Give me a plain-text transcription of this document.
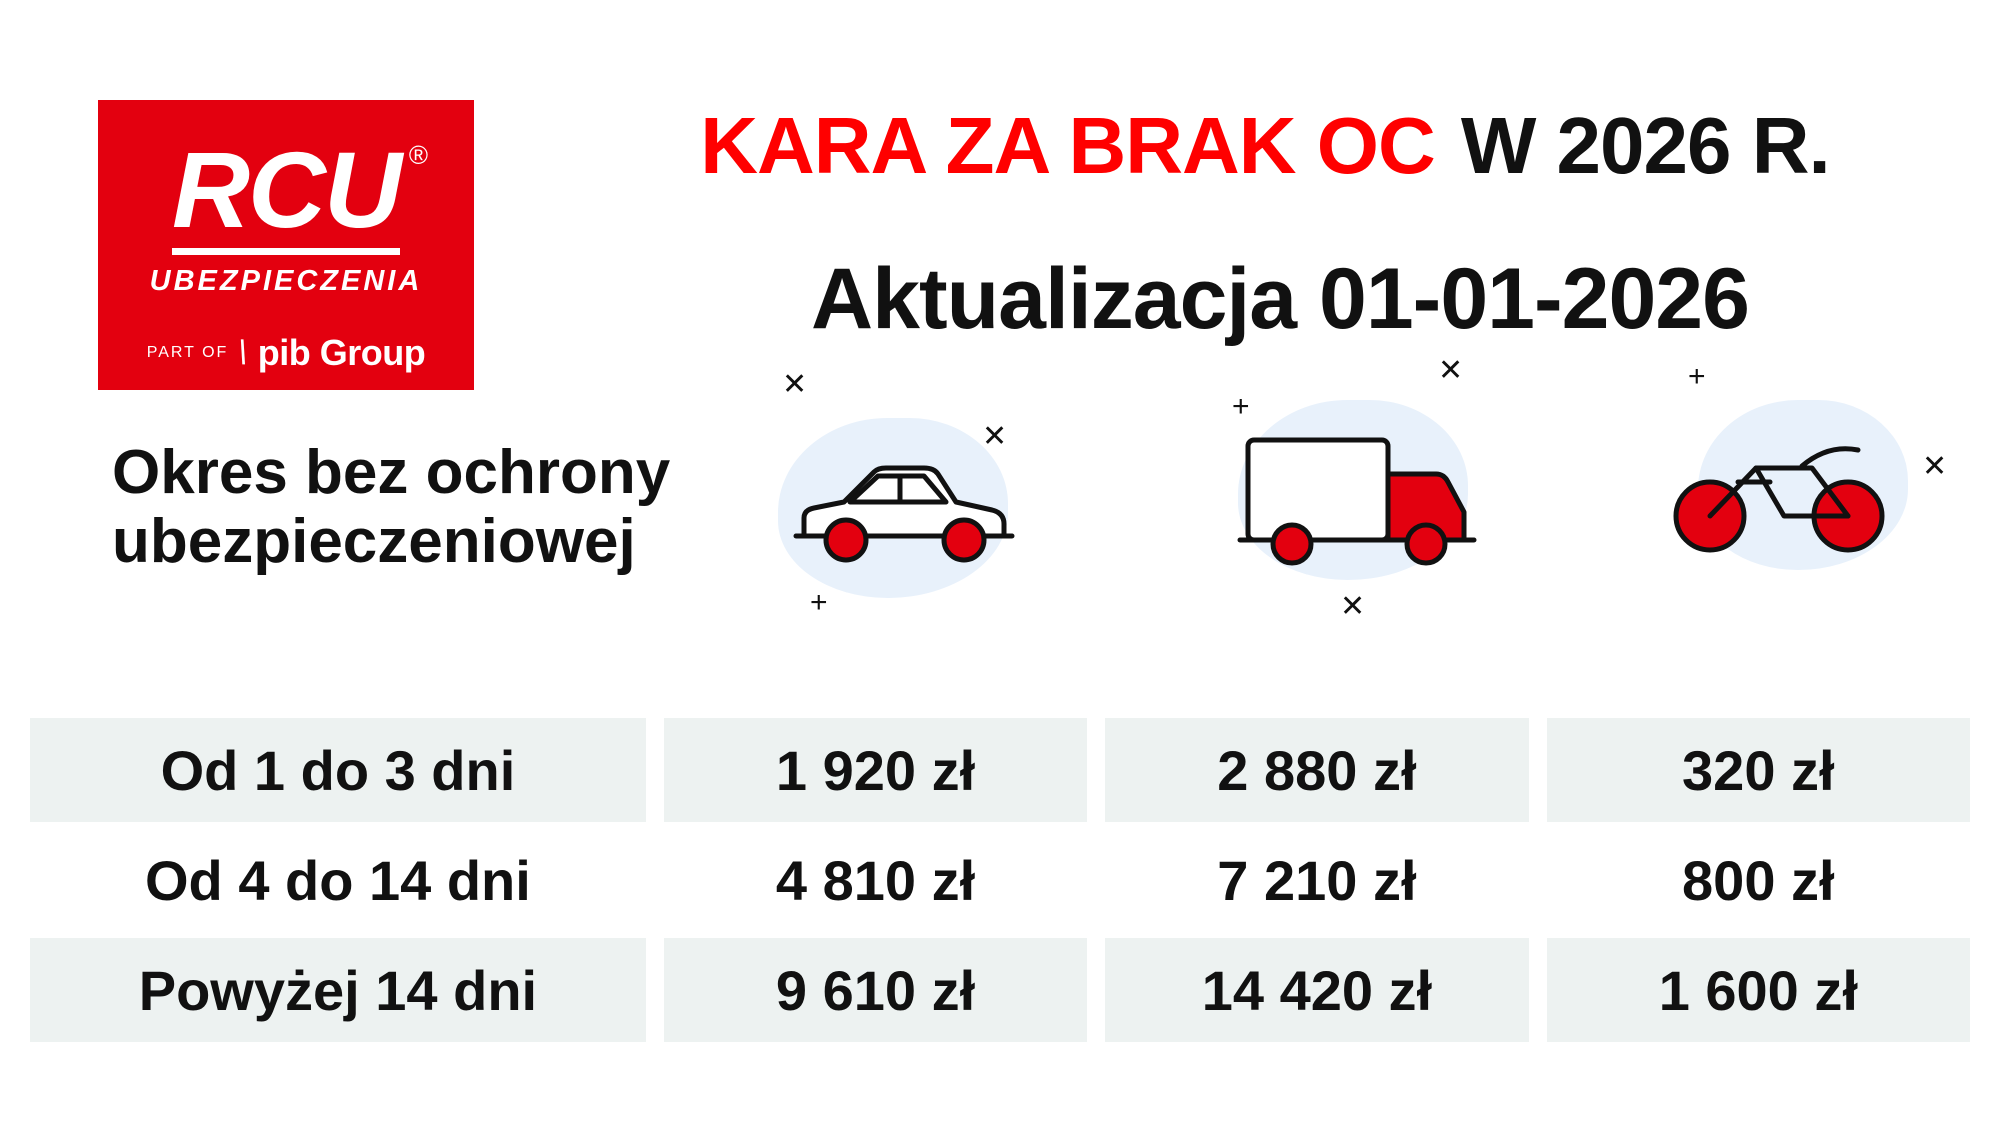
RCU ®
UBEZPIECZENIA
PART OF \ pib Group
KARA ZA BRAK OC W 2026 R.
Aktualizacja 01-01-2026
Okres bez ochrony
ubezpieczeniowej
✕
✕
+
✕
+
✕
+
✕
Od 1 do 3 dni	1 920 zł	2 880 zł	320 zł
Od 4 do 14 dni	4 810 zł	7 210 zł	800 zł
Powyżej 14 dni	9 610 zł	14 420 zł	1 600 zł
